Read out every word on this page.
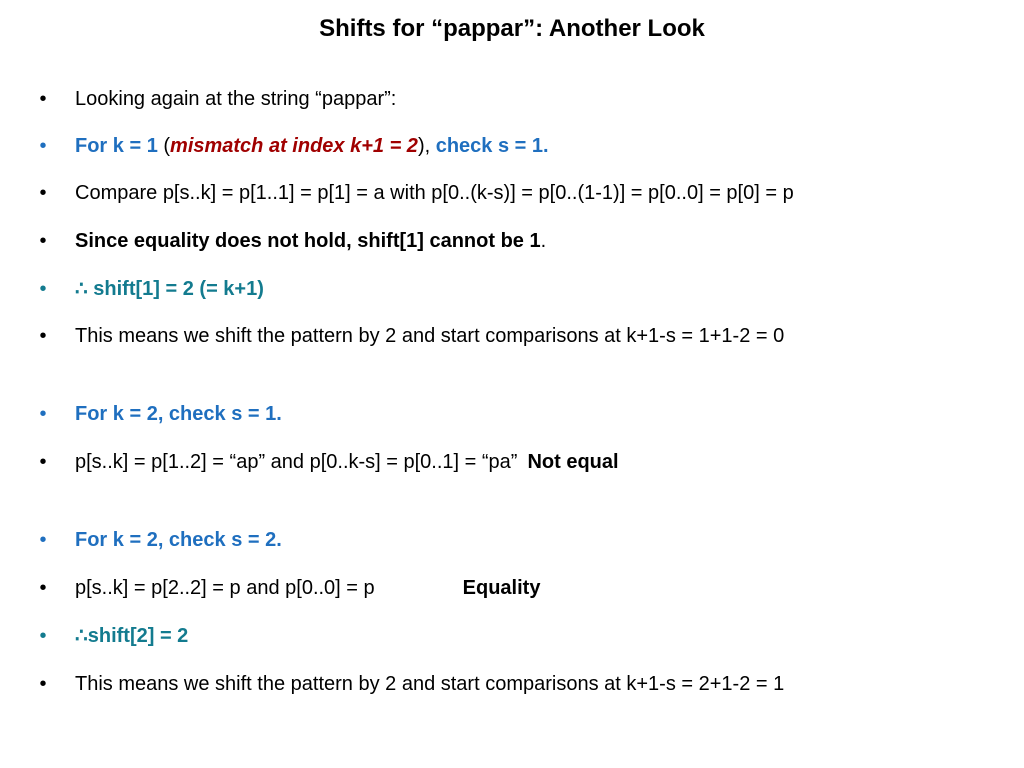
Shifts for “pappar”: Another Look
• Looking again at the string “pappar”:
• For k = 1 (mismatch at index k+1 = 2), check s = 1.
• Compare p[s..k] = p[1..1] = p[1] = a with p[0..(k-s)] = p[0..(1-1)] = p[0..0] = p[0] = p
• Since equality does not hold, shift[1] cannot be 1.
• ∴ shift[1] = 2 (= k+1)
• This means we shift the pattern by 2 and start comparisons at k+1-s = 1+1-2 = 0
• For k = 2, check s = 1.
• p[s..k] = p[1..2] = “ap” and p[0..k-s] = p[0..1] = “pa” Not equal
• For k = 2, check s = 2.
• p[s..k] = p[2..2] = p and p[0..0] = p	Equality
• ∴shift[2] = 2
• This means we shift the pattern by 2 and start comparisons at k+1-s = 2+1-2 = 1
